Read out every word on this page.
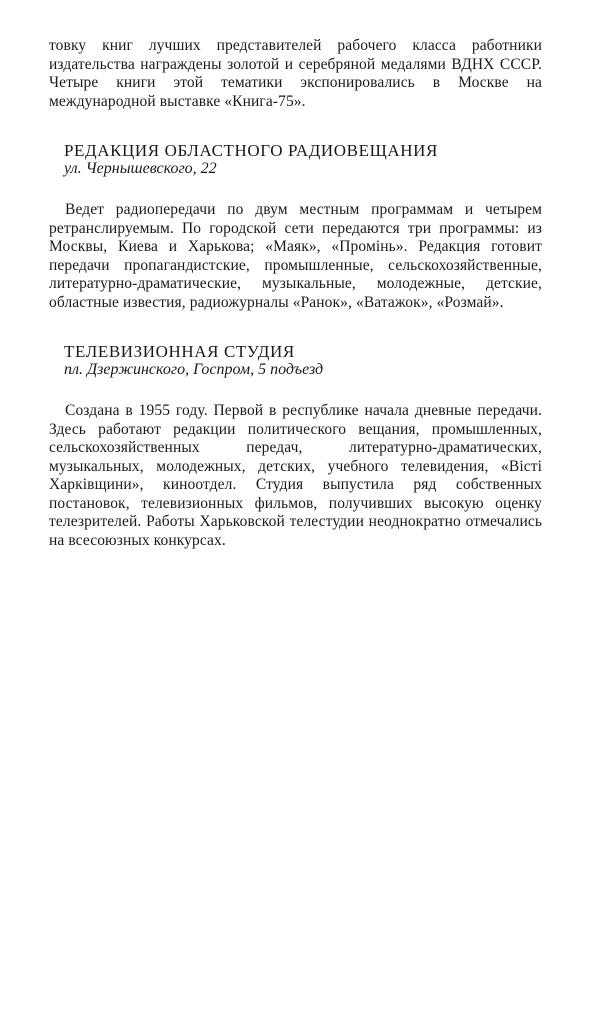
товку книг лучших представителей рабочего класса работники издательства награждены золотой и серебряной медалями ВДНХ СССР. Четыре книги этой тематики экспонировались в Москве на международной выставке «Книга-75».

РЕДАКЦИЯ ОБЛАСТНОГО РАДИОВЕЩАНИЯ

ул. Чернышевского, 22

Ведет радиопередачи по двум местным программам и четырем ретранслируемым. По городской сети передаются три программы: из Москвы, Киева и Харькова; «Маяк», «Промінь». Редакция готовит передачи пропагандистские, промышленные, сельскохозяйственные, литературно-драматические, музыкальные, молодежные, детские, областные известия, радиожурналы «Ранок», «Ватажок», «Розмай».

ТЕЛЕВИЗИОННАЯ СТУДИЯ

пл. Дзержинского, Госпром, 5 подъезд

Создана в 1955 году. Первой в республике начала дневные передачи. Здесь работают редакции политического вещания, промышленных, сельскохозяйственных передач, литературно-драматических, музыкальных, молодежных, детских, учебного телевидения, «Вісті Харківщини», киноотдел. Студия выпустила ряд собственных постановок, телевизионных фильмов, получивших высокую оценку телезрителей. Работы Харьковской телестудии неоднократно отмечались на всесоюзных конкурсах.
